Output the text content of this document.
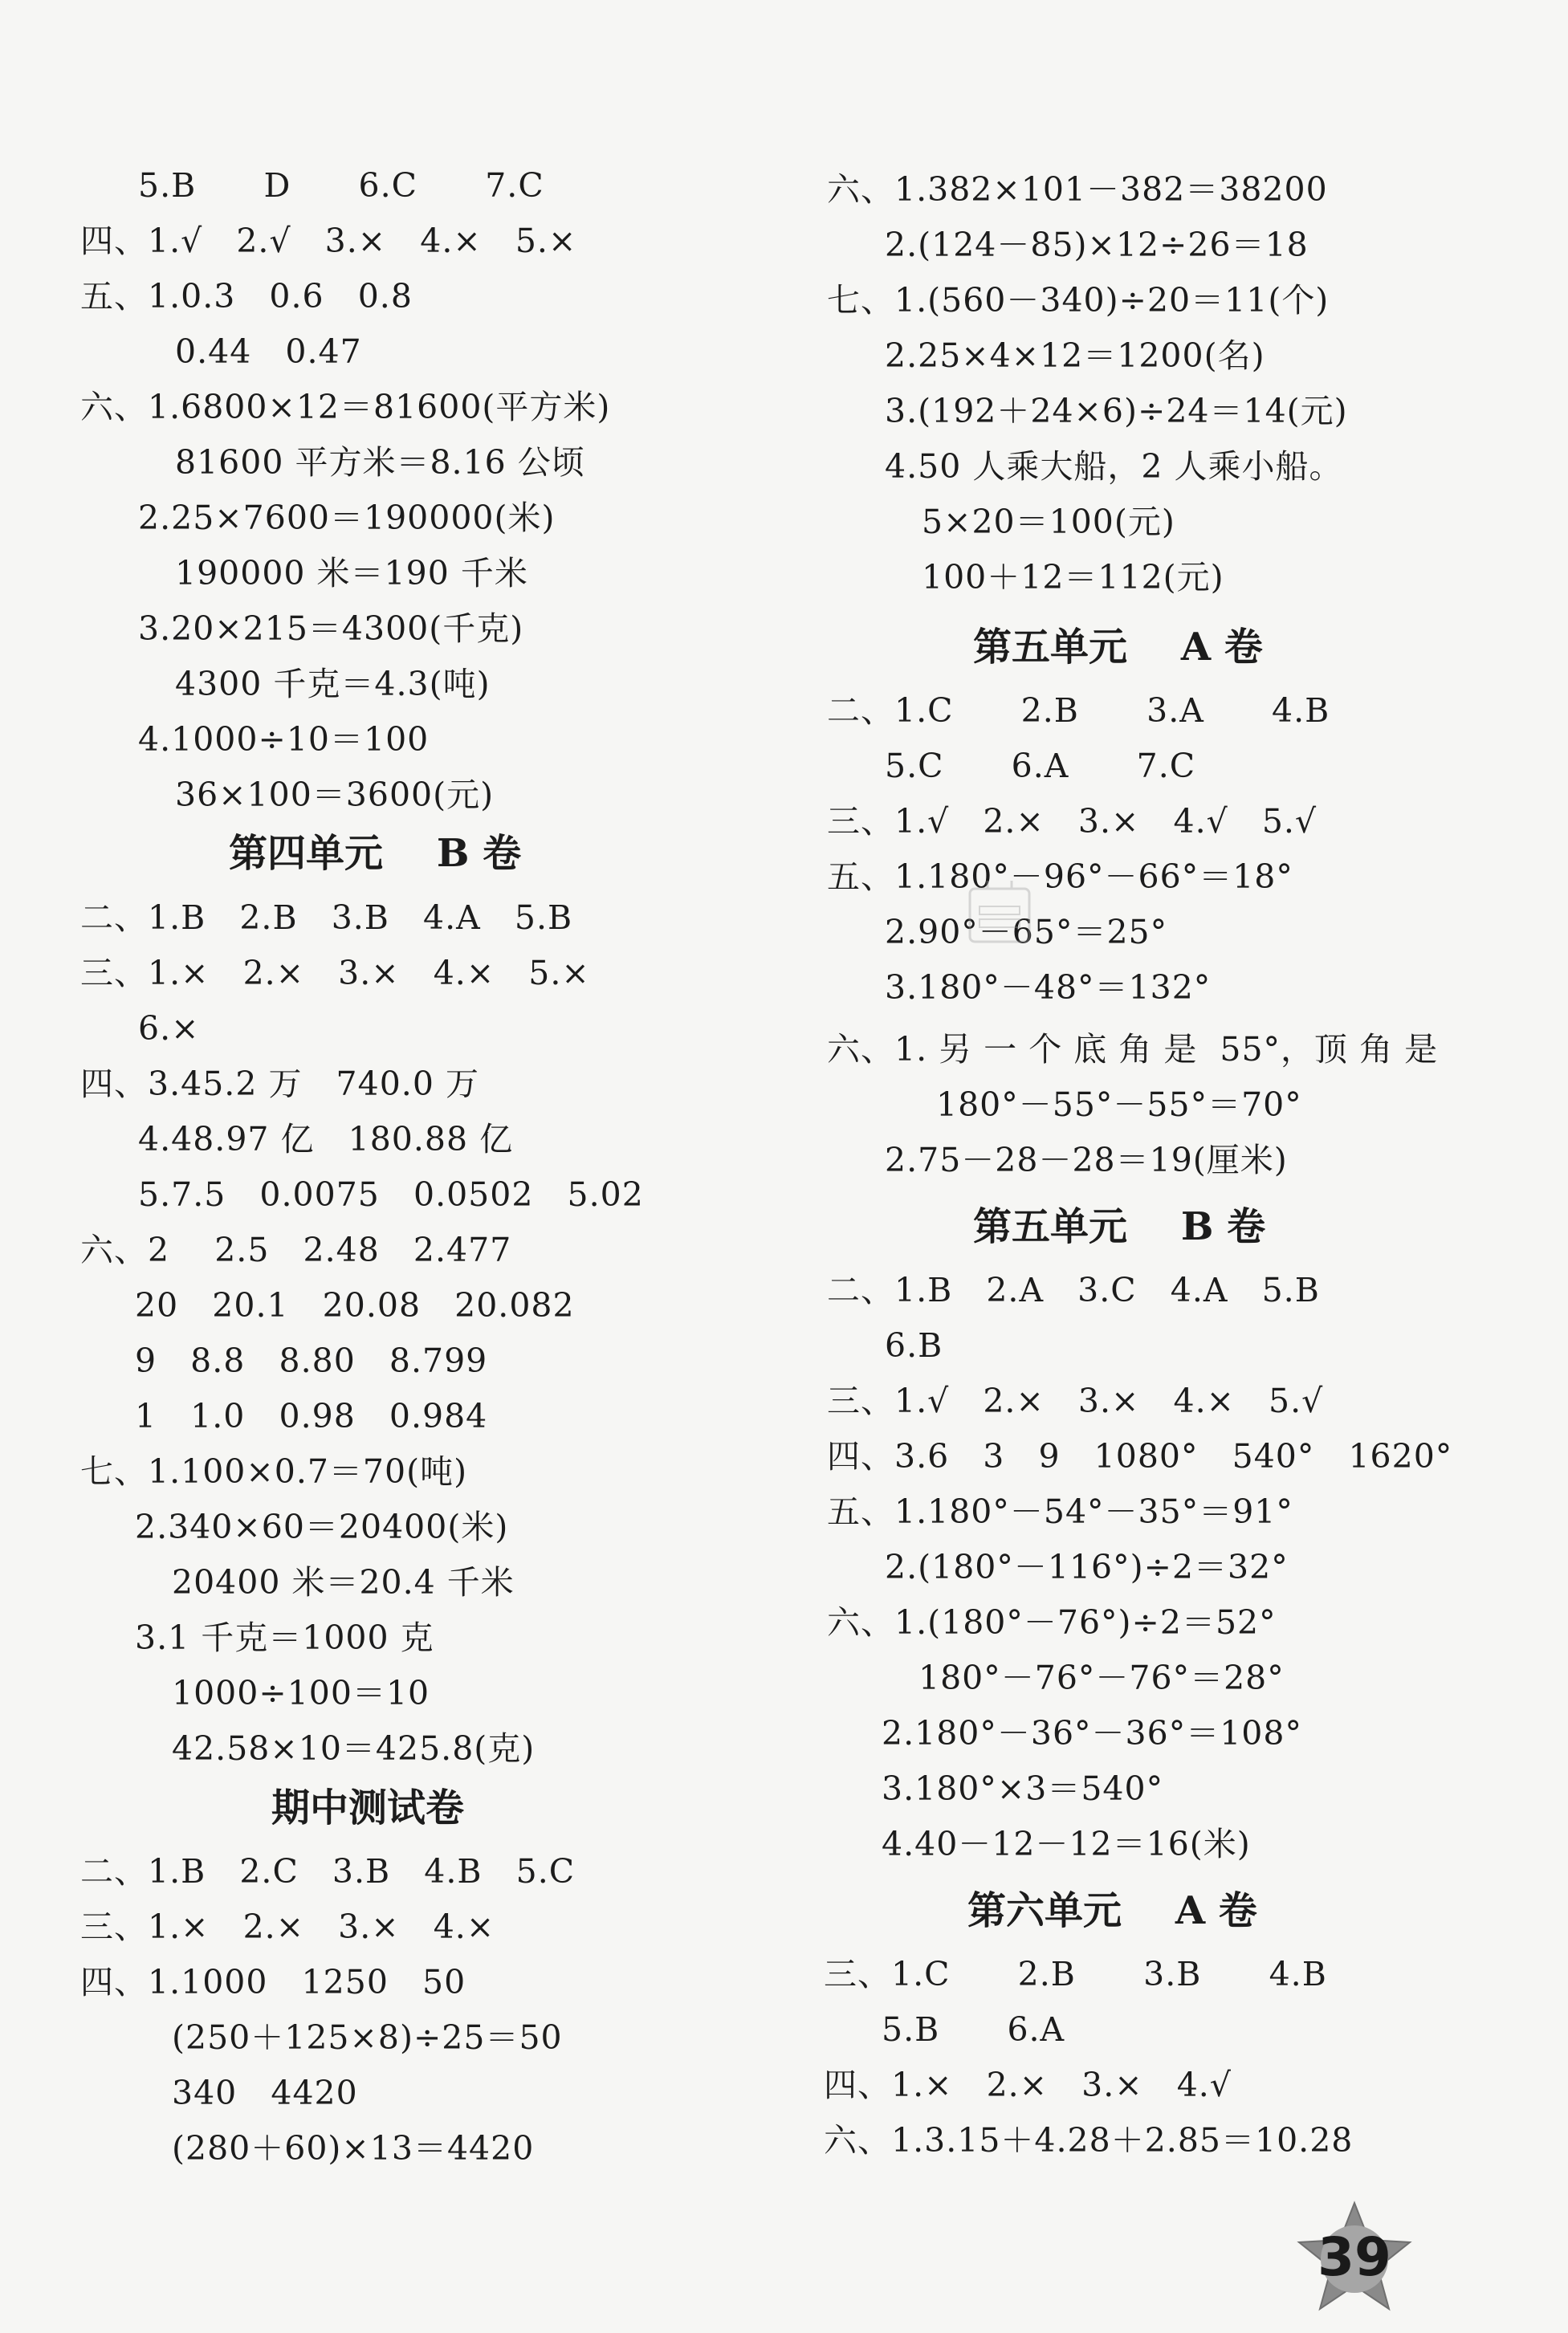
5.B      D      6.C      7.C
四、1.√   2.√   3.×   4.×   5.×
五、1.0.3   0.6   0.8
0.44   0.47
六、1.6800×12＝81600(平方米)
81600 平方米＝8.16 公顷
2.25×7600＝190000(米)
190000 米＝190 千米
3.20×215＝4300(千克)
4300 千克＝4.3(吨)
4.1000÷10＝100
36×100＝3600(元)
第四单元    B 卷
二、1.B   2.B   3.B   4.A   5.B
三、1.×   2.×   3.×   4.×   5.×
6.×
四、3.45.2 万   740.0 万
4.48.97 亿   180.88 亿
5.7.5   0.0075   0.0502   5.02
六、2    2.5   2.48   2.477
20   20.1   20.08   20.082
9   8.8   8.80   8.799
1   1.0   0.98   0.984
七、1.100×0.7＝70(吨)
2.340×60＝20400(米)
20400 米＝20.4 千米
3.1 千克＝1000 克
1000÷100＝10
42.58×10＝425.8(克)
期中测试卷
二、1.B   2.C   3.B   4.B   5.C
三、1.×   2.×   3.×   4.×
四、1.1000   1250   50
(250＋125×8)÷25＝50
340   4420
(280＋60)×13＝4420
六、1.382×101－382＝38200
2.(124－85)×12÷26＝18
七、1.(560－340)÷20＝11(个)
2.25×4×12＝1200(名)
3.(192＋24×6)÷24＝14(元)
4.50 人乘大船，2 人乘小船。
5×20＝100(元)
100＋12＝112(元)
第五单元    A 卷
二、1.C      2.B      3.A      4.B
5.C      6.A      7.C
三、1.√   2.×   3.×   4.√   5.√
五、1.180°－96°－66°＝18°
2.90°－65°＝25°
3.180°－48°＝132°
六、1. 另 一 个 底 角 是  55°，顶 角 是
180°－55°－55°＝70°
2.75－28－28＝19(厘米)
第五单元    B 卷
二、1.B   2.A   3.C   4.A   5.B
6.B
三、1.√   2.×   3.×   4.×   5.√
四、3.6   3   9   1080°   540°   1620°
五、1.180°－54°－35°＝91°
2.(180°－116°)÷2＝32°
六、1.(180°－76°)÷2＝52°
180°－76°－76°＝28°
2.180°－36°－36°＝108°
3.180°×3＝540°
4.40－12－12＝16(米)
第六单元    A 卷
三、1.C      2.B      3.B      4.B
5.B      6.A
四、1.×   2.×   3.×   4.√
六、1.3.15＋4.28＋2.85＝10.28
39
